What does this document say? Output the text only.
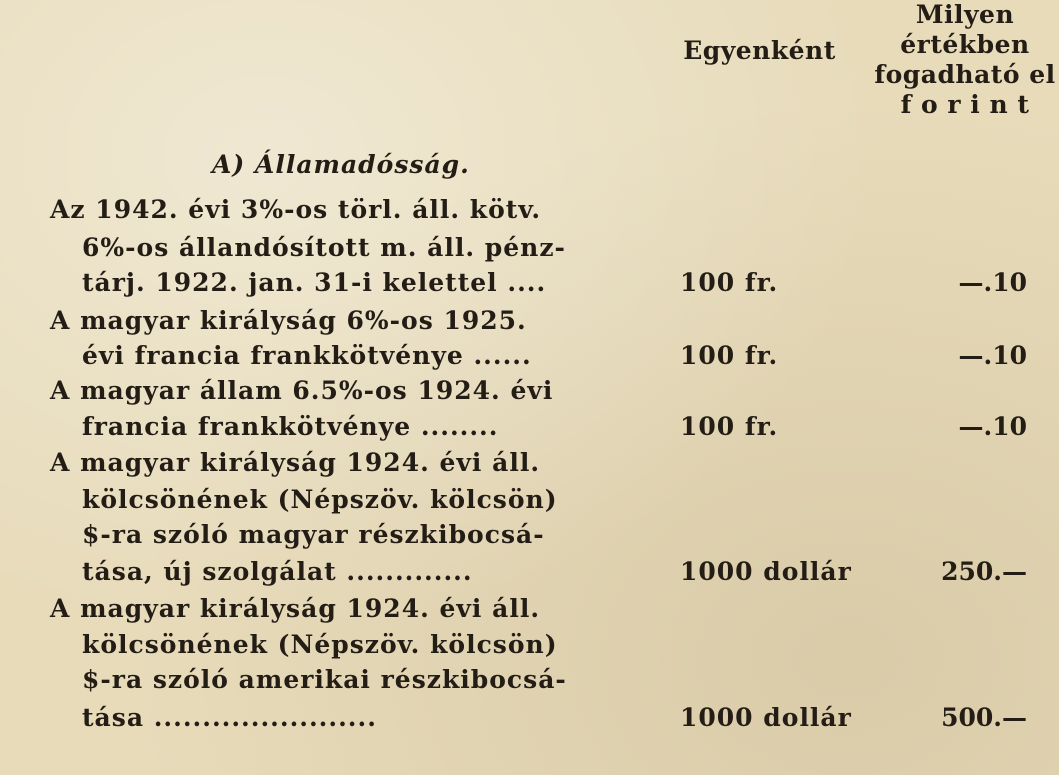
Egyenként
Milyen
értékben
fogadható el
f o r i n t
A) Államadósság.
Az 1942. évi 3%-os törl. áll. kötv.
6%-os állandósított m. áll. pénz-
tárj. 1922. jan. 31-i kelettel ....	100 fr.	—.10
A magyar királyság 6%-os 1925.
évi francia frankkötvénye ......	100 fr.	—.10
A magyar állam 6.5%-os 1924. évi
francia frankkötvénye ........	100 fr.	—.10
A magyar királyság 1924. évi áll.
kölcsönének (Népszöv. kölcsön)
$-ra szóló magyar részkibocsá-
tása, új szolgálat .............	1000 dollár	250.—
A magyar királyság 1924. évi áll.
kölcsönének (Népszöv. kölcsön)
$-ra szóló amerikai részkibocsá-
tása .......................	1000 dollár	500.—
